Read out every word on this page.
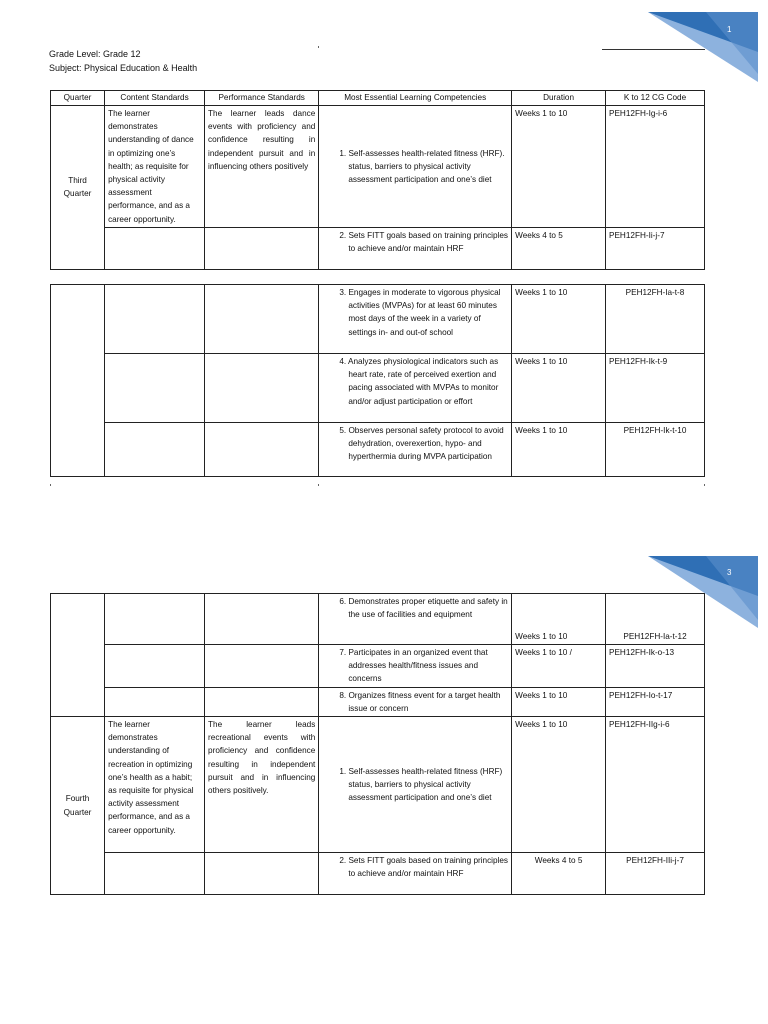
1
Grade Level: Grade 12
Subject: Physical Education & Health
Quarter	Content Standards	Performance Standards	Most Essential Learning Competencies	Duration	K to 12 CG Code
Third Quarter	The learner demonstrates understanding of dance in optimizing one’s health; as requisite for physical activity assessment performance, and as a career opportunity.	The learner leads dance events with proficiency and confidence resulting in independent pursuit and in influencing others positively	1. Self-assesses health-related fitness (HRF). status, barriers to physical activity assessment participation and one’s diet	Weeks 1 to 10	PEH12FH-Ig-i-6

			2. Sets FITT goals based on training principles to achieve and/or maintain HRF	Weeks 4 to 5	PEH12FH-Ii-j-7

			3. Engages in moderate to vigorous physical activities (MVPAs) for at least 60 minutes most days of the week in a variety of settings in- and out-of school	Weeks 1 to 10	PEH12FH-Ia-t-8

			4. Analyzes physiological indicators such as heart rate, rate of perceived exertion and pacing associated with MVPAs to monitor and/or adjust participation or effort	Weeks 1 to 10	PEH12FH-Ik-t-9

			5. Observes personal safety protocol to avoid dehydration, overexertion, hypo- and hyperthermia during MVPA participation	Weeks 1 to 10	PEH12FH-Ik-t-10
3

			6. Demonstrates proper etiquette and safety in the use of facilities and equipment	Weeks 1 to 10	PEH12FH-Ia-t-12

			7. Participates in an organized event that addresses health/fitness issues and concerns	Weeks 1 to 10 /	PEH12FH-Ik-o-13

			8. Organizes fitness event for a target health issue or concern	Weeks 1 to 10	PEH12FH-Io-t-17
Fourth Quarter	The learner demonstrates understanding of recreation in optimizing one’s health as a habit; as requisite for physical activity assessment performance, and as a career opportunity.	The learner leads recreational events with proficiency and confidence resulting in independent pursuit and in influencing others positively.	1. Self-assesses health-related fitness (HRF) status, barriers to physical activity assessment participation and one’s diet	Weeks 1 to 10	PEH12FH-IIg-i-6

			2. Sets FITT goals based on training principles to achieve and/or maintain HRF	Weeks 4 to 5	PEH12FH-IIi-j-7
